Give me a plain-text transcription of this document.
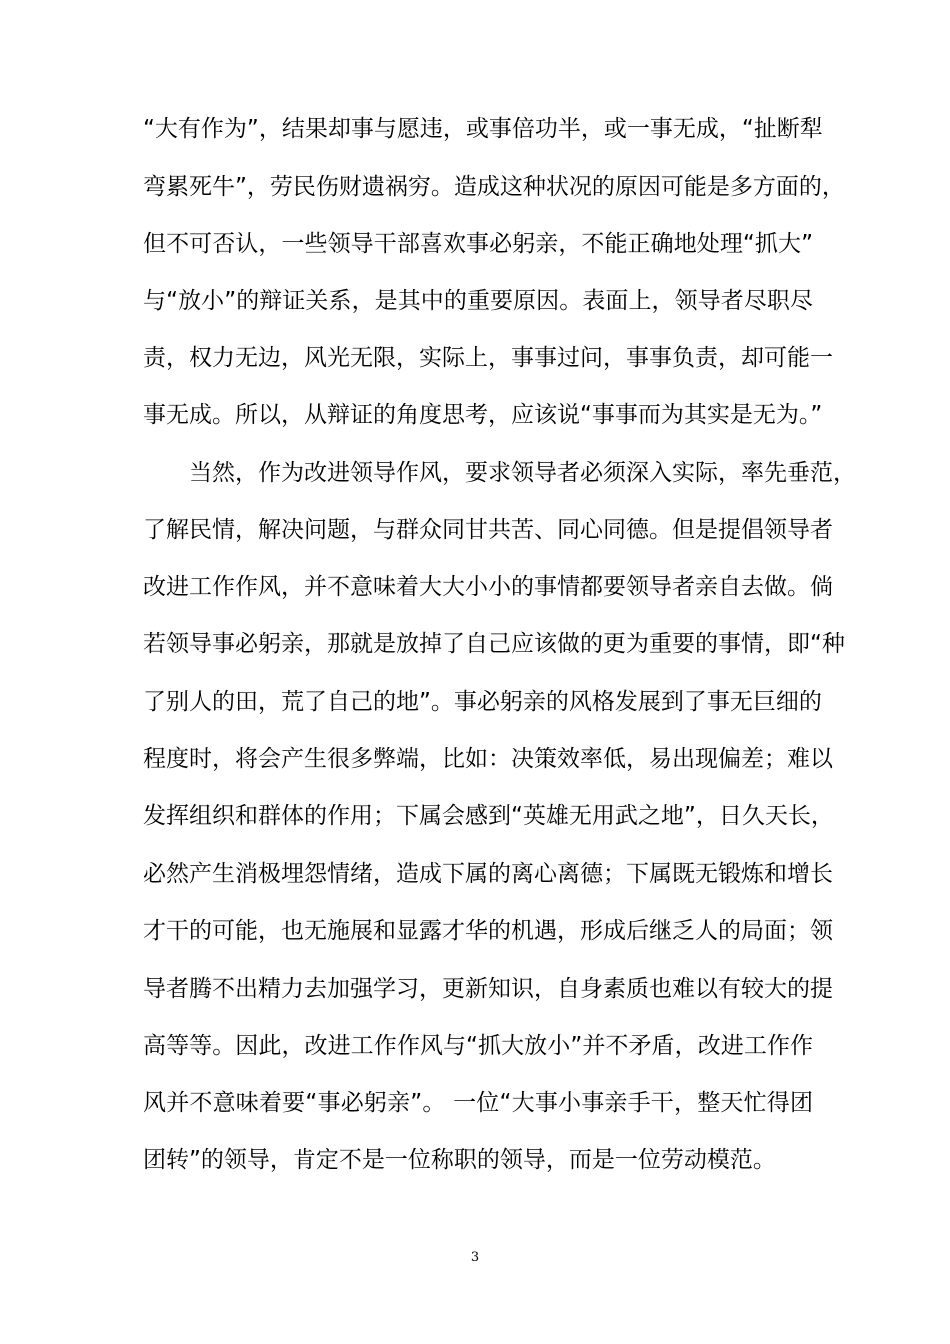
“大有作为”，结果却事与愿违，或事倍功半，或一事无成，“扯断犁
弯累死牛”，劳民伤财遗祸穷。造成这种状况的原因可能是多方面的，
但不可否认，一些领导干部喜欢事必躬亲，不能正确地处理“抓大”
与“放小”的辩证关系，是其中的重要原因。表面上，领导者尽职尽
责，权力无边，风光无限，实际上，事事过问，事事负责，却可能一
事无成。所以，从辩证的角度思考，应该说“事事而为其实是无为。”
当然，作为改进领导作风，要求领导者必须深入实际，率先垂范，
了解民情，解决问题，与群众同甘共苦、同心同德。但是提倡领导者
改进工作作风，并不意味着大大小小的事情都要领导者亲自去做。倘
若领导事必躬亲，那就是放掉了自己应该做的更为重要的事情，即“种
了别人的田，荒了自己的地”。事必躬亲的风格发展到了事无巨细的
程度时，将会产生很多弊端，比如：决策效率低，易出现偏差；难以
发挥组织和群体的作用；下属会感到“英雄无用武之地”，日久天长，
必然产生消极埋怨情绪，造成下属的离心离德；下属既无锻炼和增长
才干的可能，也无施展和显露才华的机遇，形成后继乏人的局面；领
导者腾不出精力去加强学习，更新知识，自身素质也难以有较大的提
高等等。因此，改进工作作风与“抓大放小”并不矛盾，改进工作作
风并不意味着要“事必躬亲”。 一位“大事小事亲手干，整天忙得团
团转”的领导，肯定不是一位称职的领导，而是一位劳动模范。
3
